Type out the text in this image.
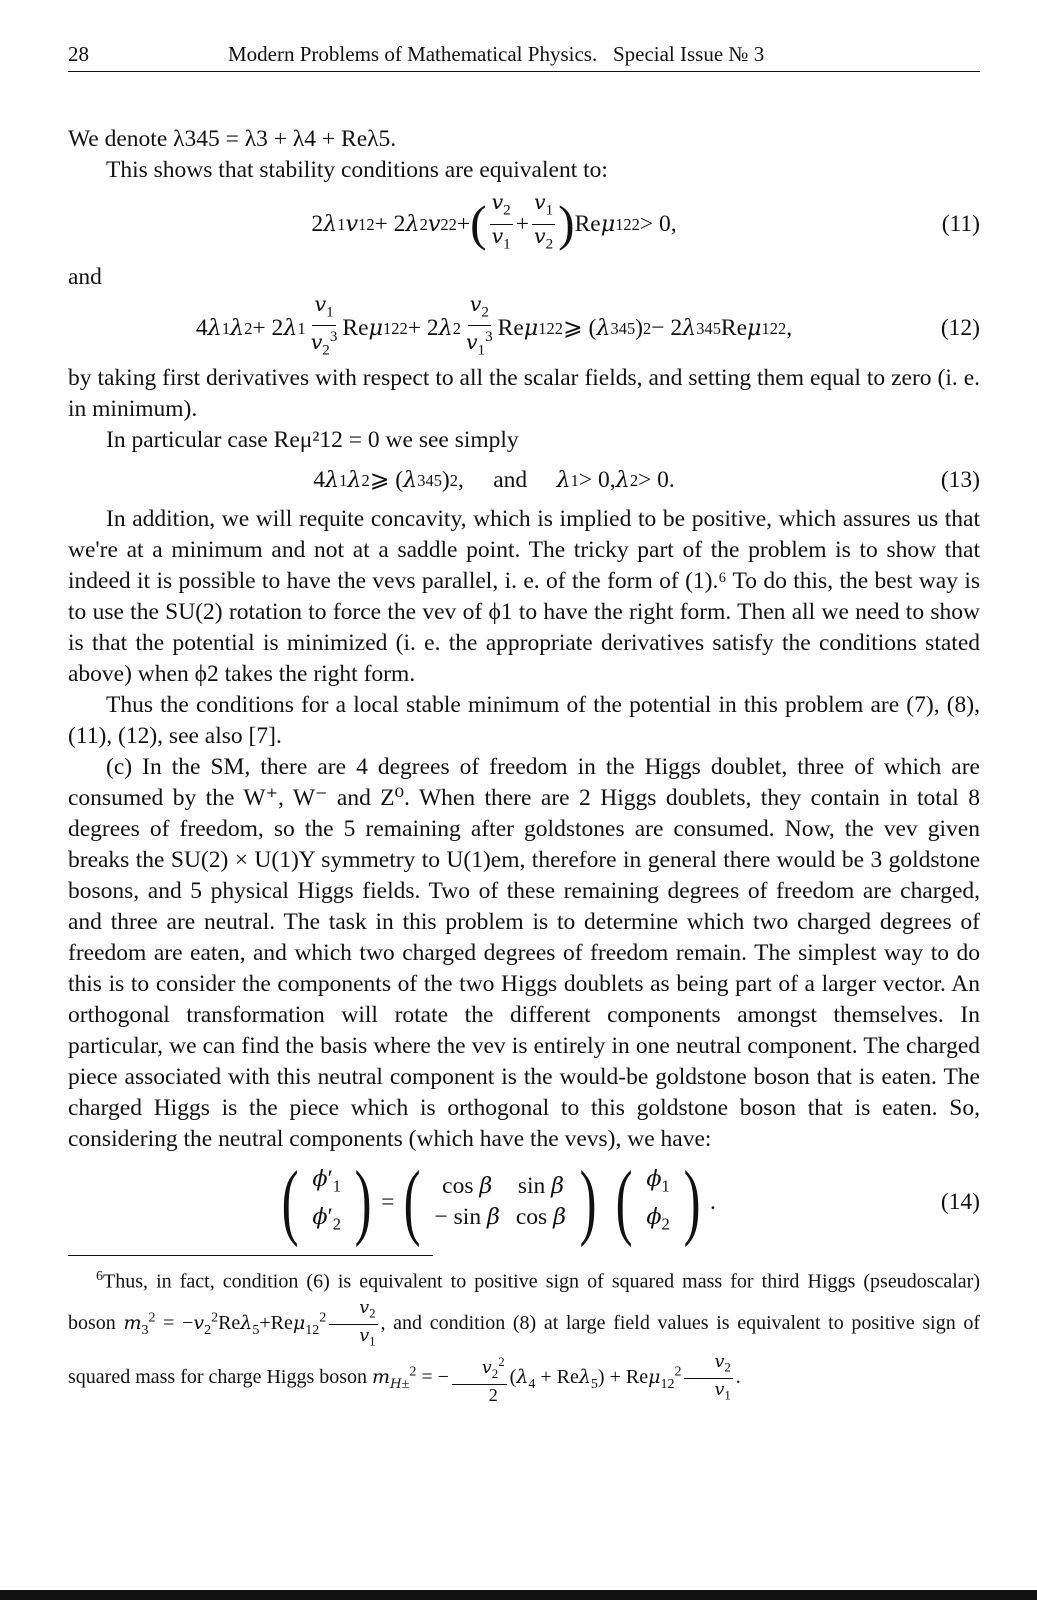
28	Modern Problems of Mathematical Physics. Special Issue № 3

We denote λ345 = λ3 + λ4 + Reλ5.

This shows that stability conditions are equivalent to:

2 λ 1 v 1 2 + 2 λ 2 v 2 2 + ( $\frac{v_2}{v_1} + \frac{v_1}{v_2}$ ) Re μ 12 2 > 0,	(11)

and

4 λ 1 λ 2 + 2 λ $1 \frac{v_1}{v_2^3}$ Re μ 12 2 + 2 λ $2 \frac{v_2}{v_1^3}$ Re μ 12 2 ⩾ ( λ 345 ) 2 − 2 λ 345 Re μ 12 2 ,	(12)

by taking first derivatives with respect to all the scalar fields, and setting them equal to zero (i. e. in minimum).

In particular case Reμ²12 = 0 we see simply

4 λ 1 λ 2 ⩾ ( λ 345 ) 2 , and
λ 1 > 0, λ 2 > 0.	(13)

In addition, we will requite concavity, which is implied to be positive, which assures us that we're at a minimum and not at a saddle point. The tricky part of the problem is to show that indeed it is possible to have the vevs parallel, i. e. of the form of (1).⁶ To do this, the best way is to use the SU(2) rotation to force the vev of ϕ1 to have the right form. Then all we need to show is that the potential is minimized (i. e. the appropriate derivatives satisfy the conditions stated above) when ϕ2 takes the right form.

Thus the conditions for a local stable minimum of the potential in this problem are (7), (8), (11), (12), see also [7].

(c) In the SM, there are 4 degrees of freedom in the Higgs doublet, three of which are consumed by the W⁺, W⁻ and Z⁰. When there are 2 Higgs doublets, they contain in total 8 degrees of freedom, so the 5 remaining after goldstones are consumed. Now, the vev given breaks the SU(2) × U(1)Y symmetry to U(1)em, therefore in general there would be 3 goldstone bosons, and 5 physical Higgs fields. Two of these remaining degrees of freedom are charged, and three are neutral. The task in this problem is to determine which two charged degrees of freedom are eaten, and which two charged degrees of freedom remain. The simplest way to do this is to consider the components of the two Higgs doublets as being part of a larger vector. An orthogonal transformation will rotate the different components amongst themselves. In particular, we can find the basis where the vev is entirely in one neutral component. The charged piece associated with this neutral component is the would-be goldstone boson that is eaten. The charged Higgs is the piece which is orthogonal to this goldstone boson that is eaten. So, considering the neutral components (which have the vevs), we have:

( $\phi'_1$
$\phi'_2$ ) = ( cos β	sin β
− sin β	cos β ) ( $\phi_1$
$\phi_2$ ) .	(14)

$^6$Thus, in fact, condition (6) is equivalent to positive sign of squared mass for third Higgs (pseudoscalar) boson $m_3^2 = -v_2^2Re\lambda_5+Re\mu_{12}^2 \frac{v_2}{v_1}$ , and condition (8) at large field values is equivalent to positive sign of squared mass for charge Higgs boson $m_{H\pm}^2$ = − $\frac{v_2^2}{2} (\lambda_4 + Re\lambda_5) + Re\mu_{12}^2 \frac{v_2}{v_1}$ .
